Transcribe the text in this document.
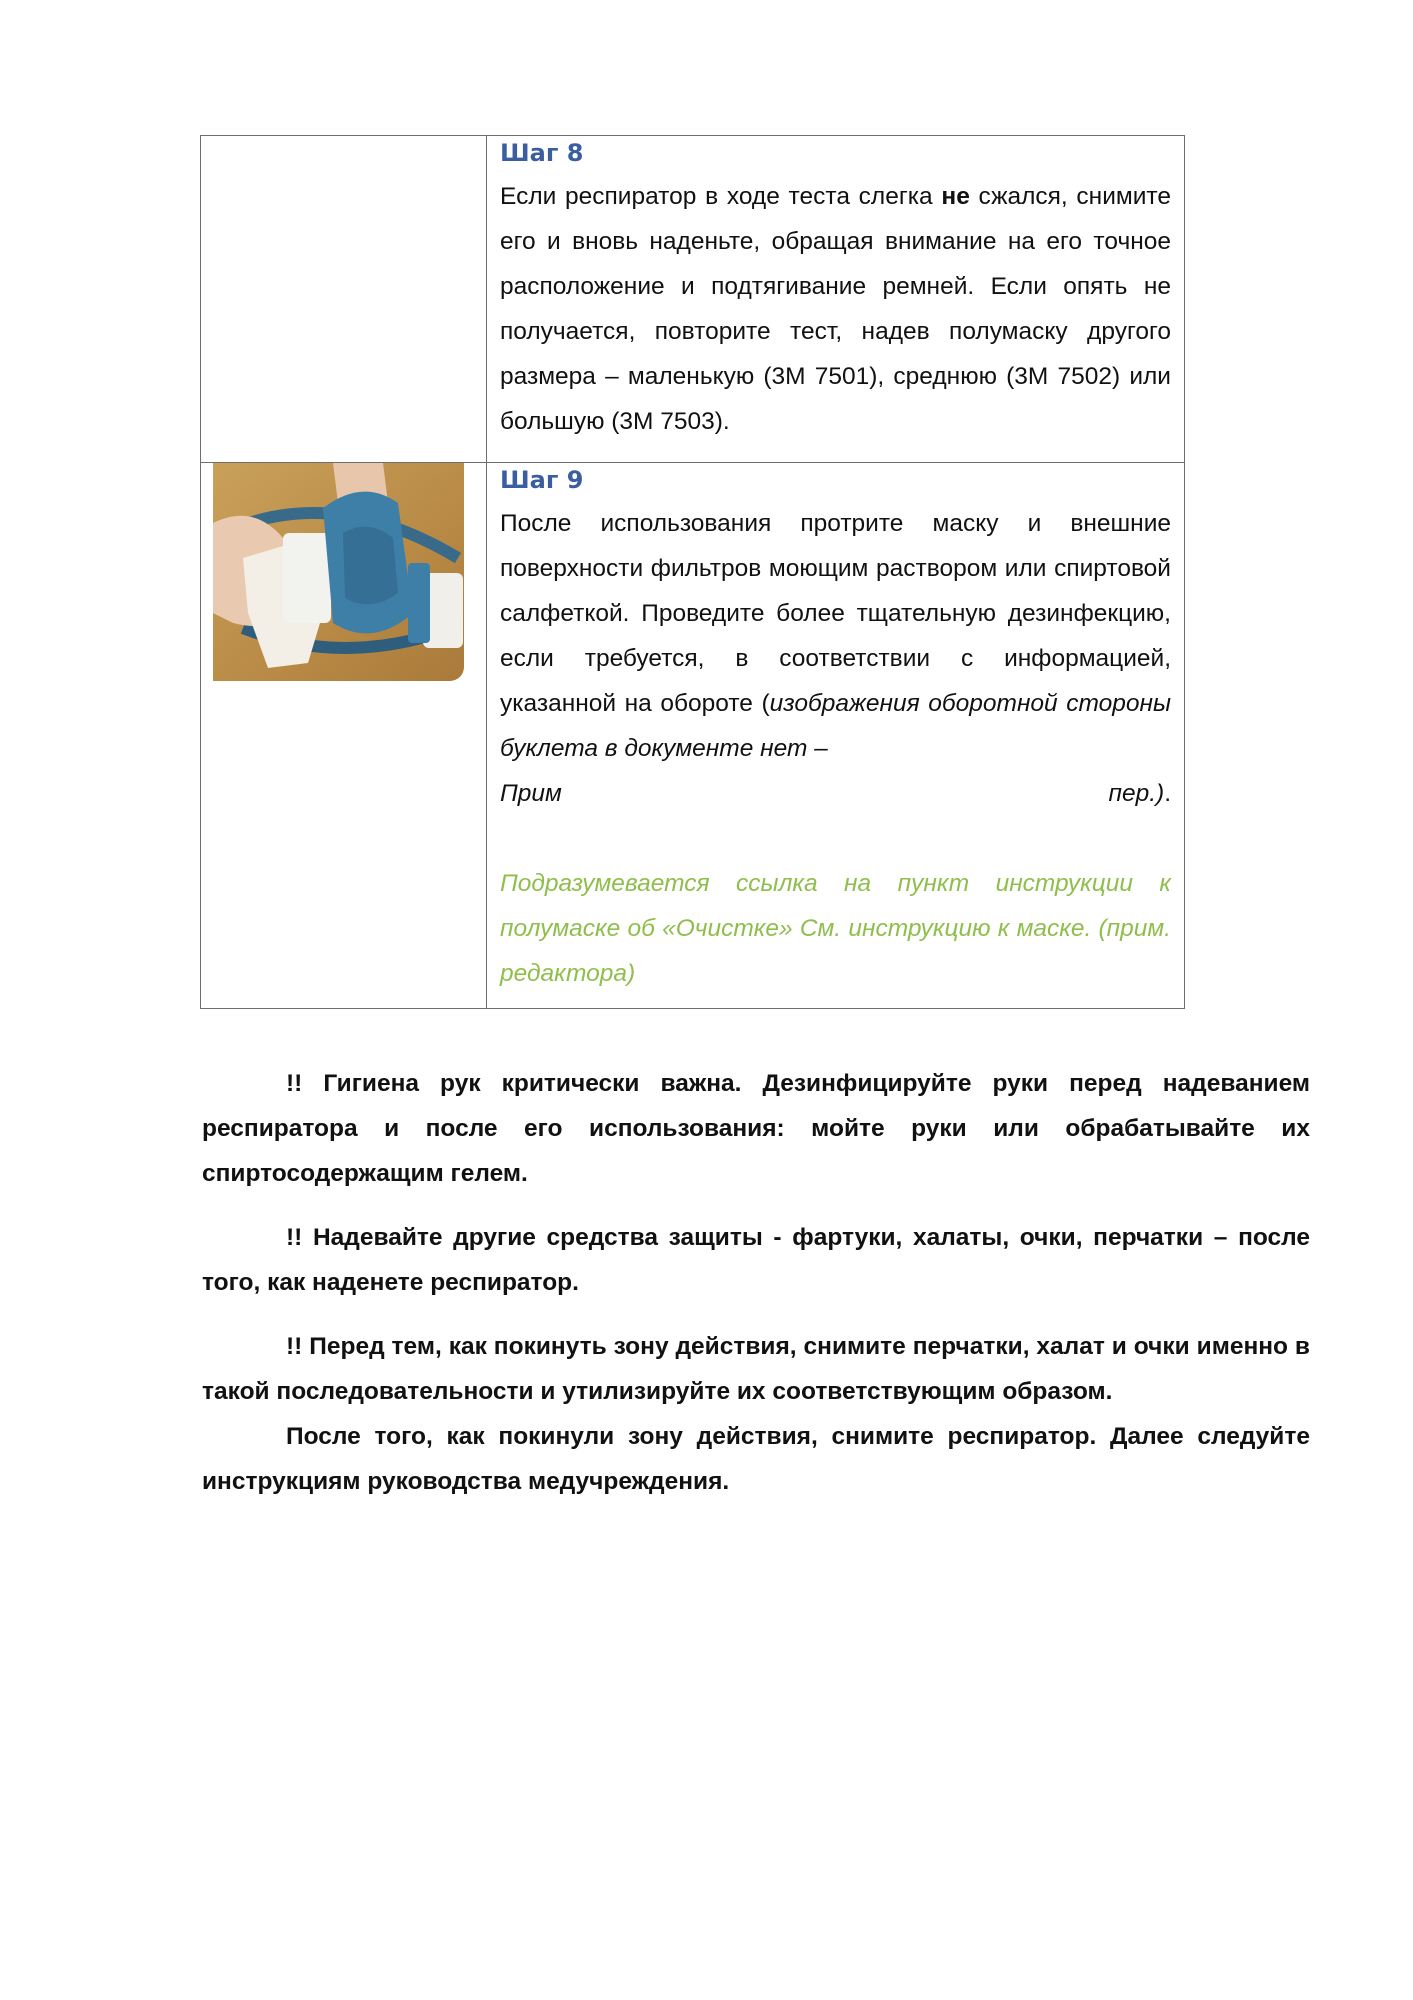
Шаг 8

Если респиратор в ходе теста слегка не сжался, снимите его и вновь наденьте, обращая внимание на его точное расположение и подтягивание ремней. Если опять не получается, повторите тест, надев полумаску другого размера – маленькую (3М 7501), среднюю (3М 7502) или большую (3М 7503).

Шаг 9

После использования протрите маску и внешние поверхности фильтров моющим раствором или спиртовой салфеткой. Проведите более тщательную дезинфекцию, если требуется, в соответствии с информацией, указанной на обороте (изображения оборотной стороны буклета в документе нет –

Прим	пер.).

Подразумевается ссылка на пункт инструкции к полумаске об «Очистке» См. инструкцию к маске. (прим. редактора)

!! Гигиена рук критически важна. Дезинфицируйте руки перед надеванием респиратора и после его использования: мойте руки или обрабатывайте их спиртосодержащим гелем.

!! Надевайте другие средства защиты - фартуки, халаты, очки, перчатки – после того, как наденете респиратор.

!! Перед тем, как покинуть зону действия, снимите перчатки, халат и очки именно в такой последовательности и утилизируйте их соответствующим образом.

После того, как покинули зону действия, снимите респиратор. Далее следуйте инструкциям руководства медучреждения.
